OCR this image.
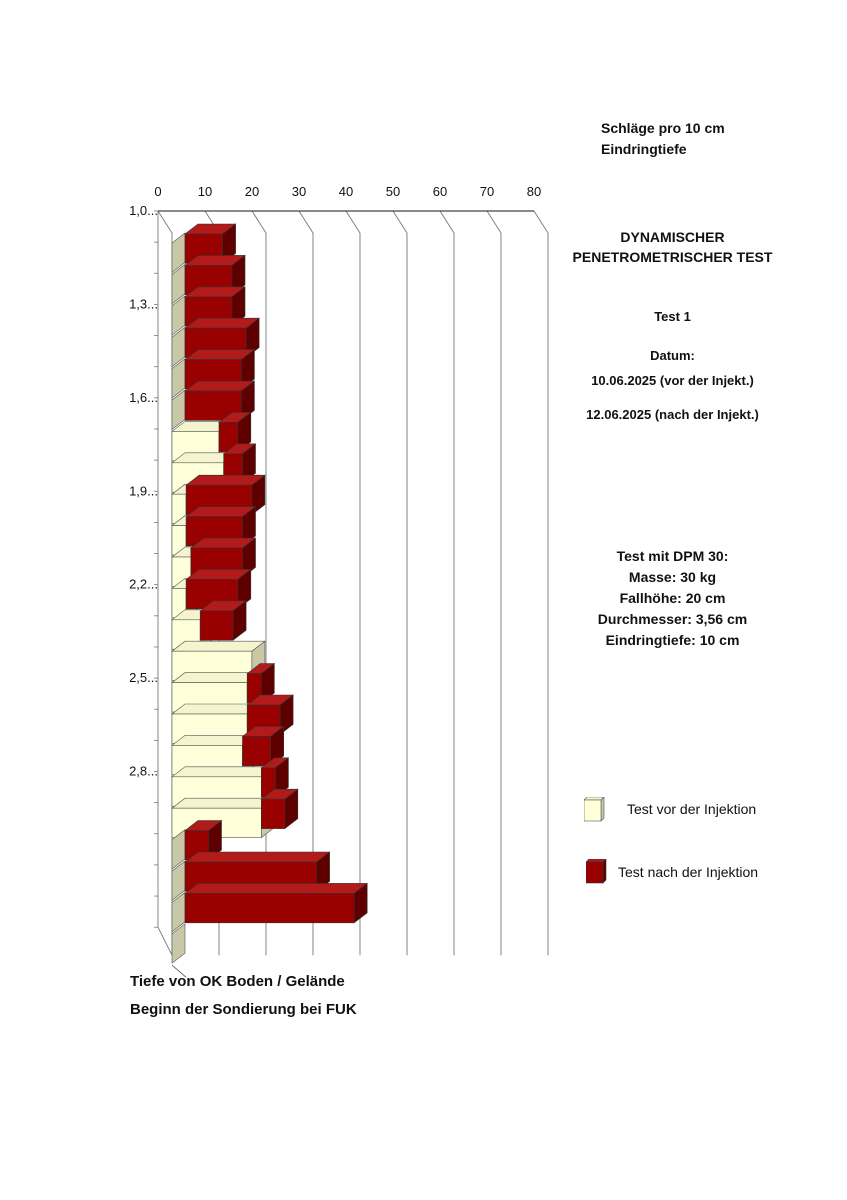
0	10	20	30	40	50	60	70	80
1,0...
1,3...
1,6...
1,9...
2,2...
2,5...
2,8...
Schläge pro 10 cm
Eindringtiefe
DYNAMISCHER
PENETROMETRISCHER TEST
Test 1
Datum:
10.06.2025 (vor der Injekt.)
12.06.2025 (nach der Injekt.)
Test mit DPM 30:
Masse: 30 kg
Fallhöhe: 20 cm
Durchmesser: 3,56 cm
Eindringtiefe: 10 cm
Test vor der Injektion
Test nach der Injektion
Tiefe von OK Boden / Gelände
Beginn der Sondierung bei FUK
